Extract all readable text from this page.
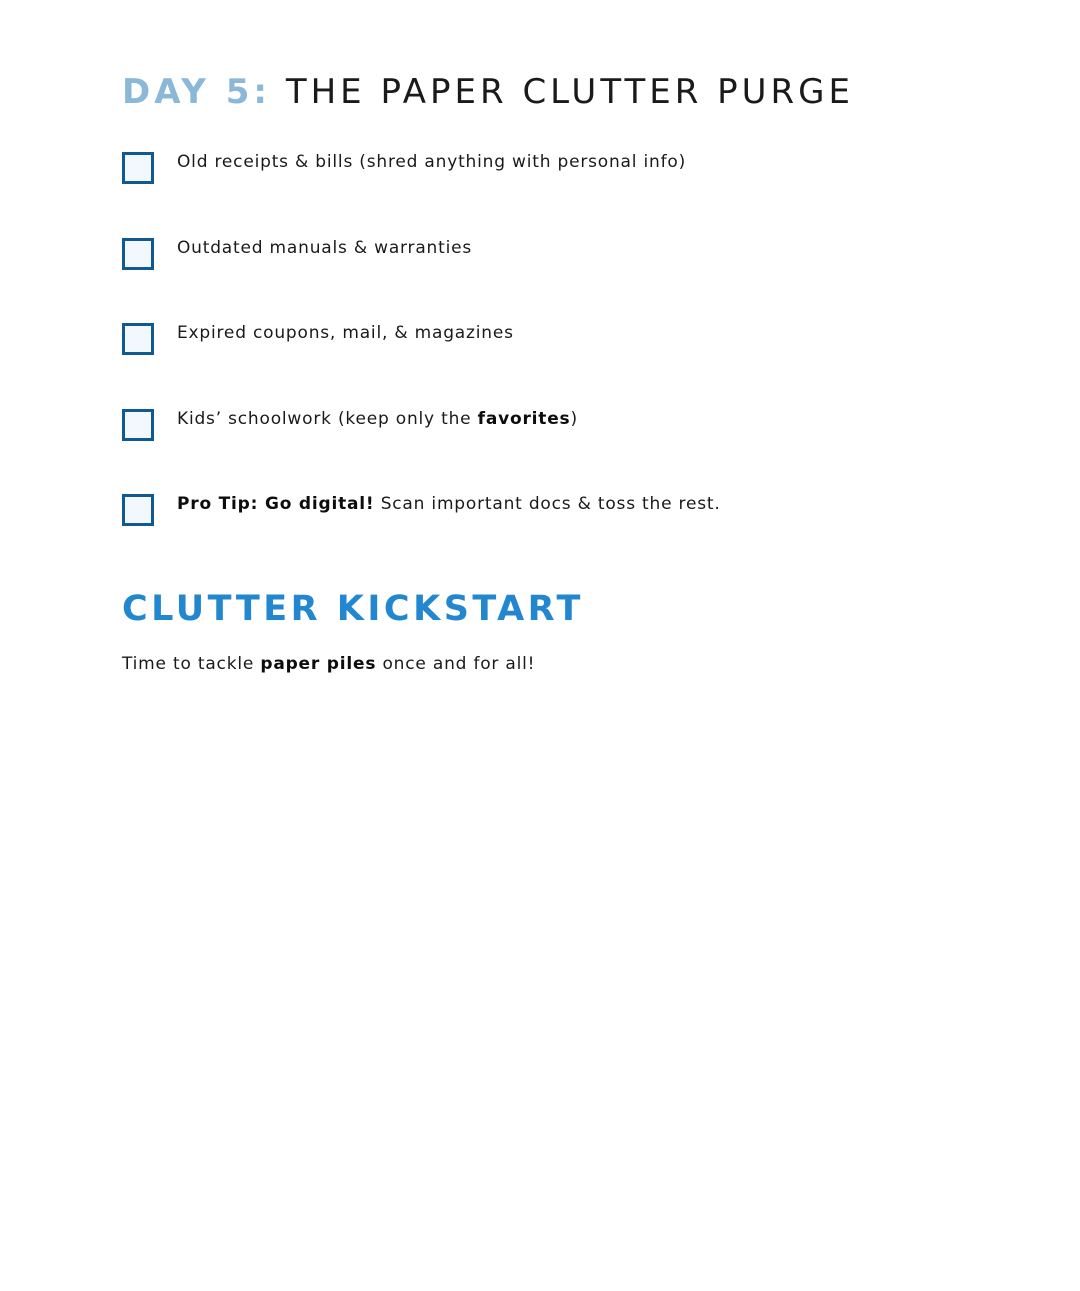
DAY 5: THE PAPER CLUTTER PURGE
Old receipts & bills (shred anything with personal info)
Outdated manuals & warranties
Expired coupons, mail, & magazines
Kids’ schoolwork (keep only the favorites)
Pro Tip: Go digital! Scan important docs & toss the rest.
CLUTTER KICKSTART

Time to tackle paper piles once and for all!
